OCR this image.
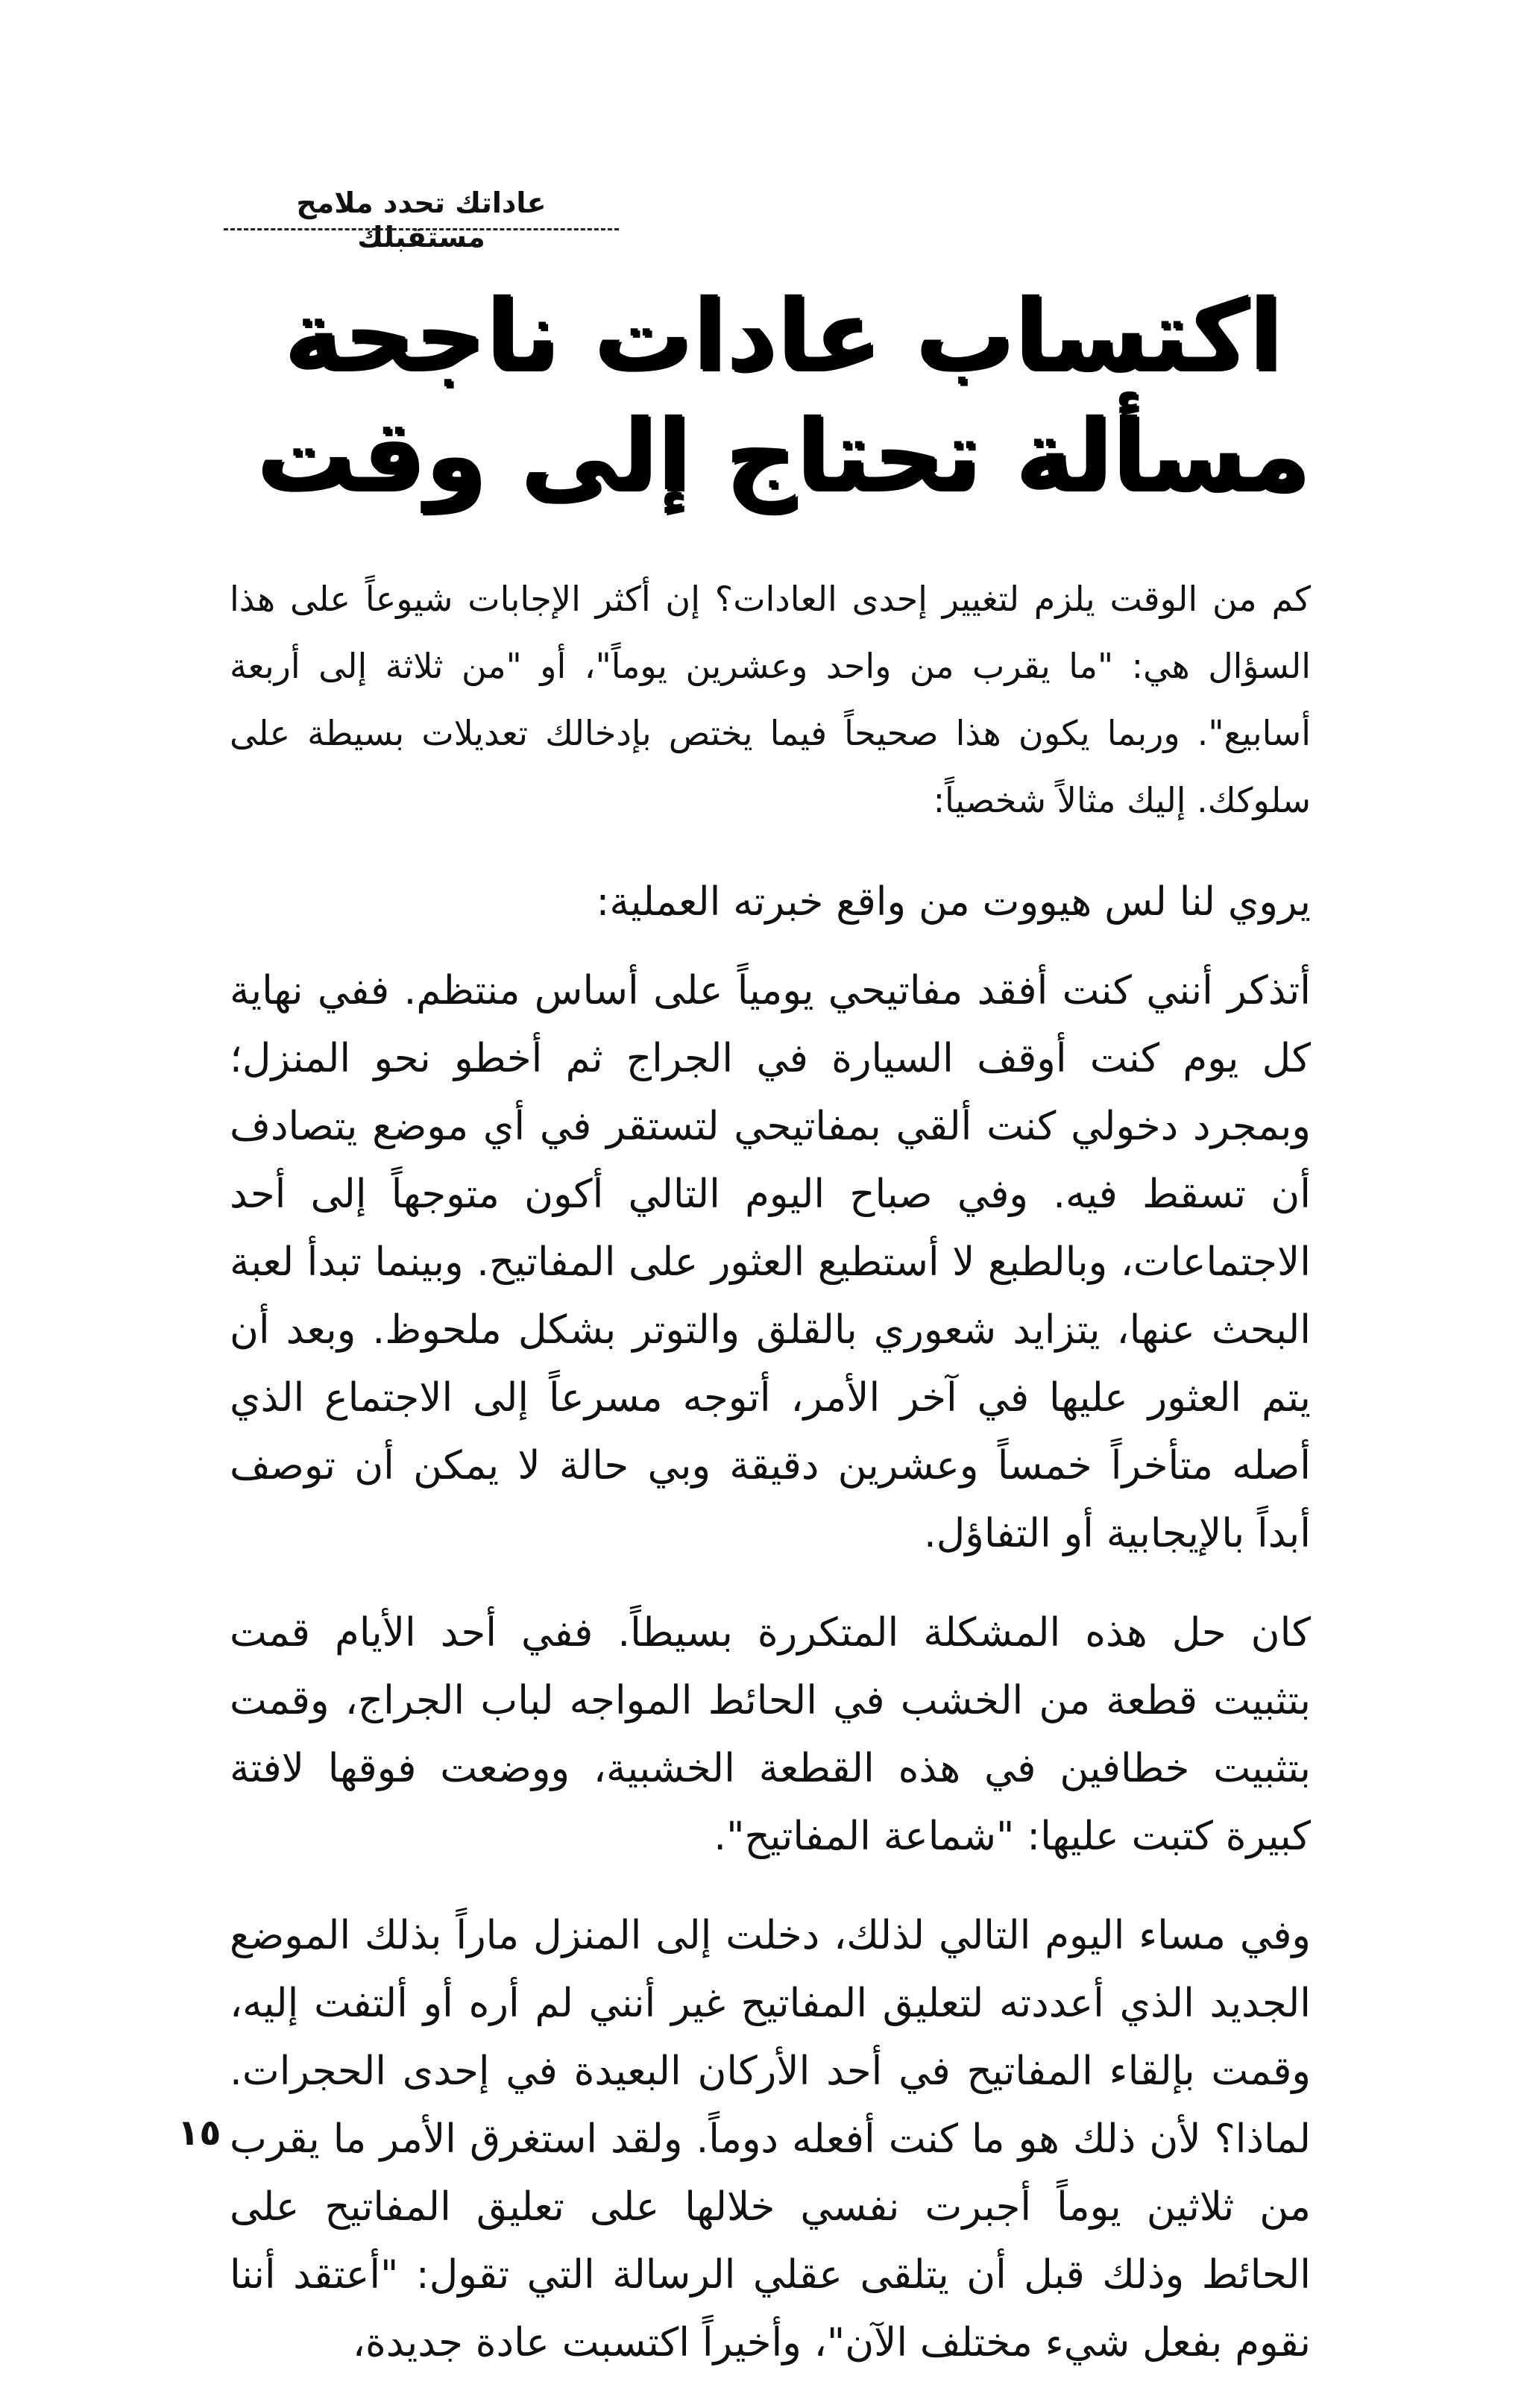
عاداتك تحدد ملامح مستقبلك
اكتساب عادات ناجحة
مسألة تحتاج إلى وقت

كم من الوقت يلزم لتغيير إحدى العادات؟ إن أكثر الإجابات شيوعاً على هذا السؤال هي: "ما يقرب من واحد وعشرين يوماً"، أو "من ثلاثة إلى أربعة أسابيع". وربما يكون هذا صحيحاً فيما يختص بإدخالك تعديلات بسيطة على سلوكك. إليك مثالاً شخصياً:

يروي لنا لس هيووت من واقع خبرته العملية:

أتذكر أنني كنت أفقد مفاتيحي يومياً على أساس منتظم. ففي نهاية كل يوم كنت أوقف السيارة في الجراج ثم أخطو نحو المنزل؛ وبمجرد دخولي كنت ألقي بمفاتيحي لتستقر في أي موضع يتصادف أن تسقط فيه. وفي صباح اليوم التالي أكون متوجهاً إلى أحد الاجتماعات، وبالطبع لا أستطيع العثور على المفاتيح. وبينما تبدأ لعبة البحث عنها، يتزايد شعوري بالقلق والتوتر بشكل ملحوظ. وبعد أن يتم العثور عليها في آخر الأمر، أتوجه مسرعاً إلى الاجتماع الذي أصله متأخراً خمساً وعشرين دقيقة وبي حالة لا يمكن أن توصف أبداً بالإيجابية أو التفاؤل.

كان حل هذه المشكلة المتكررة بسيطاً. ففي أحد الأيام قمت بتثبيت قطعة من الخشب في الحائط المواجه لباب الجراج، وقمت بتثبيت خطافين في هذه القطعة الخشبية، ووضعت فوقها لافتة كبيرة كتبت عليها: "شماعة المفاتيح".

وفي مساء اليوم التالي لذلك، دخلت إلى المنزل ماراً بذلك الموضع الجديد الذي أعددته لتعليق المفاتيح غير أنني لم أره أو ألتفت إليه، وقمت بإلقاء المفاتيح في أحد الأركان البعيدة في إحدى الحجرات. لماذا؟ لأن ذلك هو ما كنت أفعله دوماً. ولقد استغرق الأمر ما يقرب من ثلاثين يوماً أجبرت نفسي خلالها على تعليق المفاتيح على الحائط وذلك قبل أن يتلقى عقلي الرسالة التي تقول: "أعتقد أننا نقوم بفعل شيء مختلف الآن"، وأخيراً اكتسبت عادة جديدة،

١٥
